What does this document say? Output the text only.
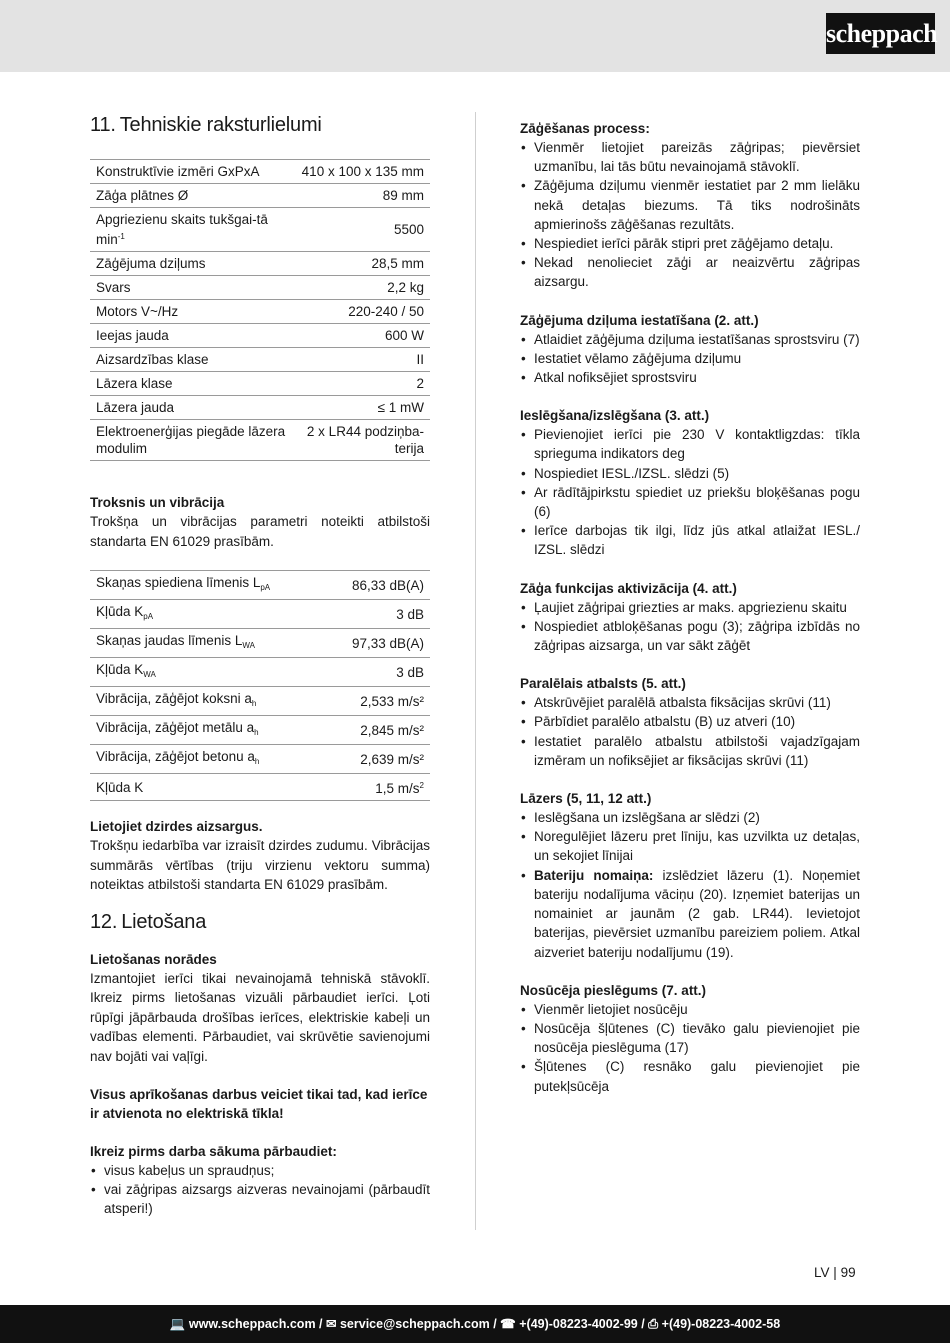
scheppach
11. Tehniskie raksturlielumi
Konstruktīvie izmēri GxPxA	410 x 100 x 135 mm
Zāģa plātnes Ø	89 mm
Apgriezienu skaits tukšgai-tā $\min^{-1}$	5500
Zāģējuma dziļums	28,5 mm
Svars	2,2 kg
Motors V~/Hz	220-240 / 50
Ieejas jauda	600 W
Aizsardzības klase	II
Lāzera klase	2
Lāzera jauda	≤ 1 mW
Elektroenerģijas piegāde lāzera modulim	2 x LR44 podziņba-terija
Troksnis un vibrācija
Trokšņa un vibrācijas parametri noteikti atbilstoši standarta EN 61029 prasībām.
Skaņas spiediena līmenis $L_{pA}$	86,33 dB(A)
Kļūda $K_{pA}$	3 dB
Skaņas jaudas līmenis $L_{WA}$	97,33 dB(A)
Kļūda $K_{WA}$	3 dB
Vibrācija, zāģējot koksni $a_h$	2,533 m/s²
Vibrācija, zāģējot metālu $a_h$	2,845 m/s²
Vibrācija, zāģējot betonu $a_h$	2,639 m/s²
Kļūda K	1,5 $m/s^2$
Lietojiet dzirdes aizsargus.
Trokšņu iedarbība var izraisīt dzirdes zudumu. Vibrācijas summārās vērtības (triju virzienu vektoru summa) noteiktas atbilstoši standarta EN 61029 prasībām.
12. Lietošana
Lietošanas norādes
Izmantojiet ierīci tikai nevainojamā tehniskā stāvoklī. Ikreiz pirms lietošanas vizuāli pārbaudiet ierīci. Ļoti rūpīgi jāpārbauda drošības ierīces, elektriskie kabeļi un vadības elementi. Pārbaudiet, vai skrūvētie savienojumi nav bojāti vai vaļīgi.
Visus aprīkošanas darbus veiciet tikai tad, kad ierīce ir atvienota no elektriskā tīkla!
Ikreiz pirms darba sākuma pārbaudiet:
• visus kabeļus un spraudņus;
• vai zāģripas aizsargs aizveras nevainojami (pārbaudīt atsperi!)
Zāģēšanas process:
• Vienmēr lietojiet pareizās zāģripas; pievērsiet uzmanību, lai tās būtu nevainojamā stāvoklī.
• Zāģējuma dziļumu vienmēr iestatiet par 2 mm lielāku nekā detaļas biezums. Tā tiks nodrošināts apmierinošs zāģēšanas rezultāts.
• Nespiediet ierīci pārāk stipri pret zāģējamo detaļu.
• Nekad nenolieciet zāģi ar neaizvērtu zāģripas aizsargu.
Zāģējuma dziļuma iestatīšana (2. att.)
• Atlaidiet zāģējuma dziļuma iestatīšanas sprostsviru (7)
• Iestatiet vēlamo zāģējuma dziļumu
• Atkal nofiksējiet sprostsviru
Ieslēgšana/izslēgšana (3. att.)
• Pievienojiet ierīci pie 230 V kontaktligzdas: tīkla sprieguma indikators deg
• Nospiediet IESL./IZSL. slēdzi (5)
• Ar rādītājpirkstu spiediet uz priekšu bloķēšanas pogu (6)
• Ierīce darbojas tik ilgi, līdz jūs atkal atlaižat IESL./ IZSL. slēdzi
Zāģa funkcijas aktivizācija (4. att.)
• Ļaujiet zāģripai griezties ar maks. apgriezienu skaitu
• Nospiediet atbloķēšanas pogu (3); zāģripa izbīdās no zāģripas aizsarga, un var sākt zāģēt
Paralēlais atbalsts (5. att.)
• Atskrūvējiet paralēlā atbalsta fiksācijas skrūvi (11)
• Pārbīdiet paralēlo atbalstu (B) uz atveri (10)
• Iestatiet paralēlo atbalstu atbilstoši vajadzīgajam izmēram un nofiksējiet ar fiksācijas skrūvi (11)
Lāzers (5, 11, 12 att.)
• Ieslēgšana un izslēgšana ar slēdzi (2)
• Noregulējiet lāzeru pret līniju, kas uzvilkta uz detaļas, un sekojiet līnijai
• Bateriju nomaiņa: izslēdziet lāzeru (1). Noņemiet bateriju nodalījuma vāciņu (20). Izņemiet baterijas un nomainiet ar jaunām (2 gab. LR44). Ievietojot baterijas, pievērsiet uzmanību pareiziem poliem. Atkal aizveriet bateriju nodalījumu (19).
Nosūcēja pieslēgums (7. att.)
• Vienmēr lietojiet nosūcēju
• Nosūcēja šļūtenes (C) tievāko galu pievienojiet pie nosūcēja pieslēguma (17)
• Šļūtenes (C) resnāko galu pievienojiet pie putekļsūcēja
LV | 99
💻 www.scheppach.com / ✉ service@scheppach.com / ☎ +(49)-08223-4002-99 / ⎙ +(49)-08223-4002-58
